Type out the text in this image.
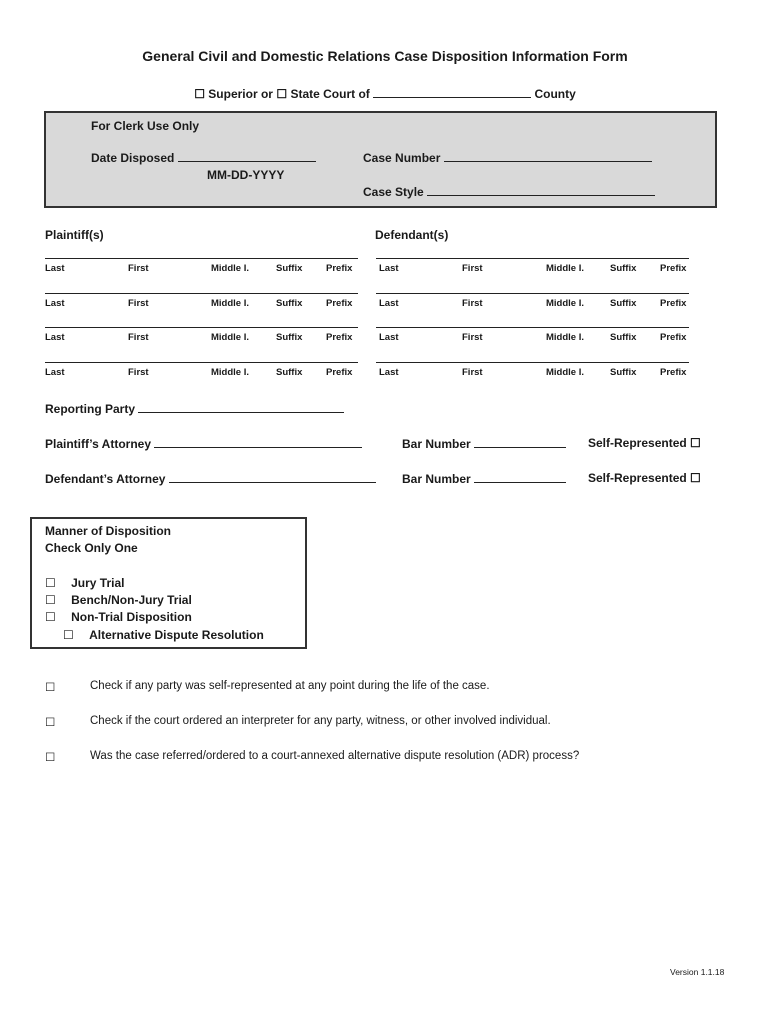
General Civil and Domestic Relations Case Disposition Information Form
☐ Superior or ☐ State Court of	County
For Clerk Use Only
Date Disposed
MM-DD-YYYY
Case Number
Case Style
Plaintiff(s)	Defendant(s)
Last	First	Middle I.	Suffix Prefix	Last	First	Middle I.	Suffix Prefix
Last	First	Middle I.	Suffix Prefix	Last	First	Middle I.	Suffix Prefix
Last	First	Middle I.	Suffix Prefix	Last	First	Middle I.	Suffix Prefix
Last	First	Middle I.	Suffix Prefix	Last	First	Middle I.	Suffix Prefix
Reporting Party
Plaintiff’s Attorney	Bar Number	Self-Represented ☐
Defendant’s Attorney	Bar Number	Self-Represented ☐
Manner of Disposition
Check Only One
☐ Jury Trial
☐ Bench/Non-Jury Trial
☐ Non-Trial Disposition
☐ Alternative Dispute Resolution
☐	Check if any party was self-represented at any point during the life of the case.
☐	Check if the court ordered an interpreter for any party, witness, or other involved individual.
☐	Was the case referred/ordered to a court-annexed alternative dispute resolution (ADR) process?
Version 1.1.18
